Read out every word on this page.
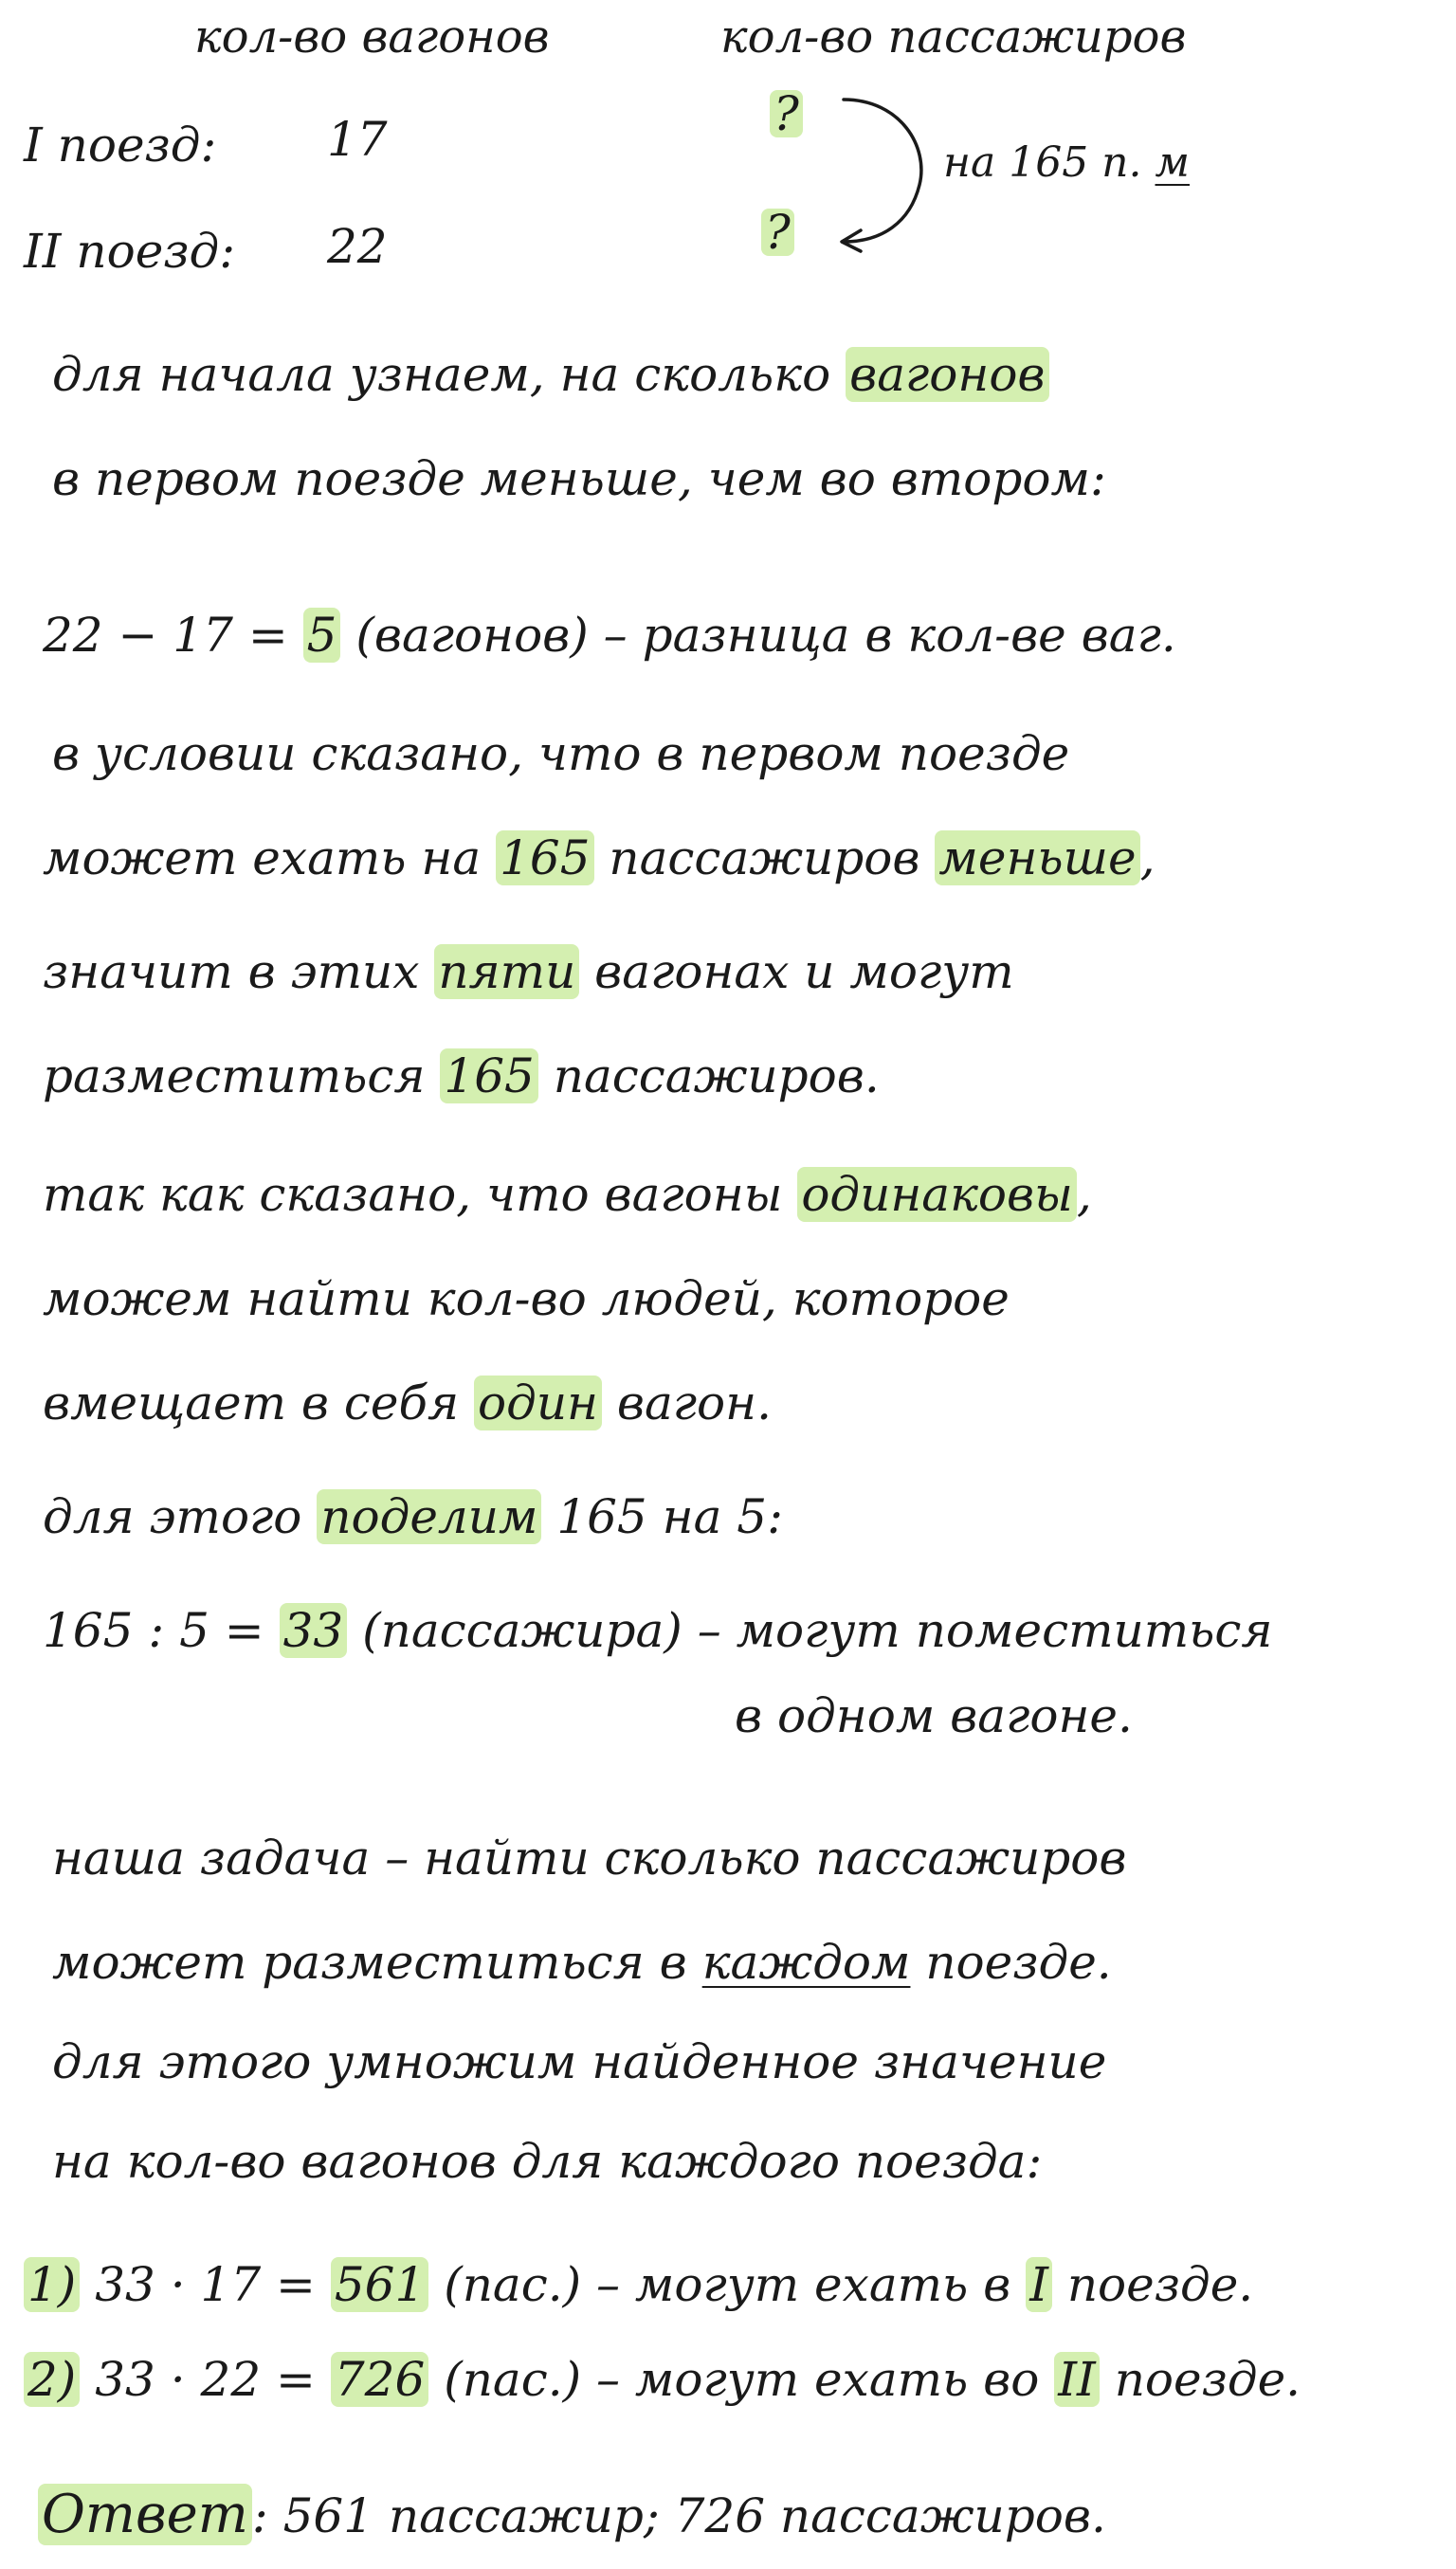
кол-во вагонов	кол-во пассажиров
I поезд: 17	?
II поезд: 22	?
на 165 п. м
для начала узнаем, на сколько вагонов
в первом поезде меньше, чем во втором:
22 − 17 = 5 (вагонов) – разница в кол-ве ваг.
в условии сказано, что в первом поезде
может ехать на 165 пассажиров меньше,
значит в этих пяти вагонах и могут
разместиться 165 пассажиров.
так как сказано, что вагоны одинаковы,
можем найти кол-во людей, которое
вмещает в себя один вагон.
для этого поделим 165 на 5:
165 : 5 = 33 (пассажира) – могут поместиться
в одном вагоне.
наша задача – найти сколько пассажиров
может разместиться в каждом поезде.
для этого умножим найденное значение
на кол-во вагонов для каждого поезда:
1) 33 · 17 = 561 (пас.) – могут ехать в I поезде.
2) 33 · 22 = 726 (пас.) – могут ехать во II поезде.
Ответ: 561 пассажир; 726 пассажиров.
